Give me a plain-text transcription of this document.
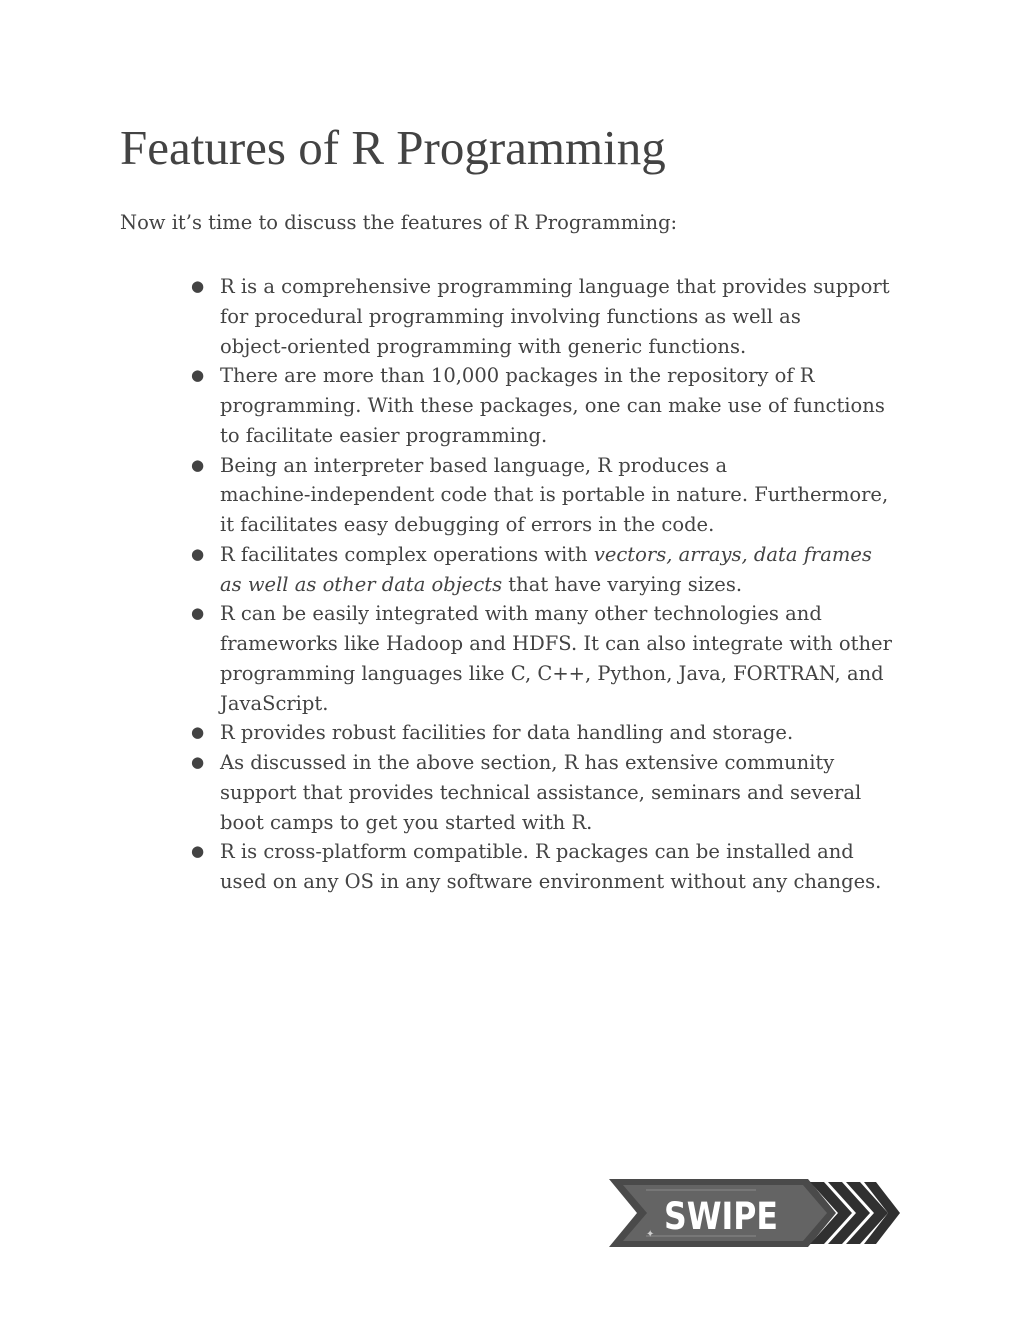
Features of R Programming

Now it’s time to discuss the features of R Programming:

● R is a comprehensive programming language that provides support
for procedural programming involving functions as well as
object-oriented programming with generic functions.
● There are more than 10,000 packages in the repository of R
programming. With these packages, one can make use of functions
to facilitate easier programming.
● Being an interpreter based language, R produces a
machine-independent code that is portable in nature. Furthermore,
it facilitates easy debugging of errors in the code.
● R facilitates complex operations with vectors, arrays, data frames
as well as other data objects that have varying sizes.
● R can be easily integrated with many other technologies and
frameworks like Hadoop and HDFS. It can also integrate with other
programming languages like C, C++, Python, Java, FORTRAN, and
JavaScript.
● R provides robust facilities for data handling and storage.
● As discussed in the above section, R has extensive community
support that provides technical assistance, seminars and several
boot camps to get you started with R.
● R is cross-platform compatible. R packages can be installed and
used on any OS in any software environment without any changes.
✦ SWIPE
